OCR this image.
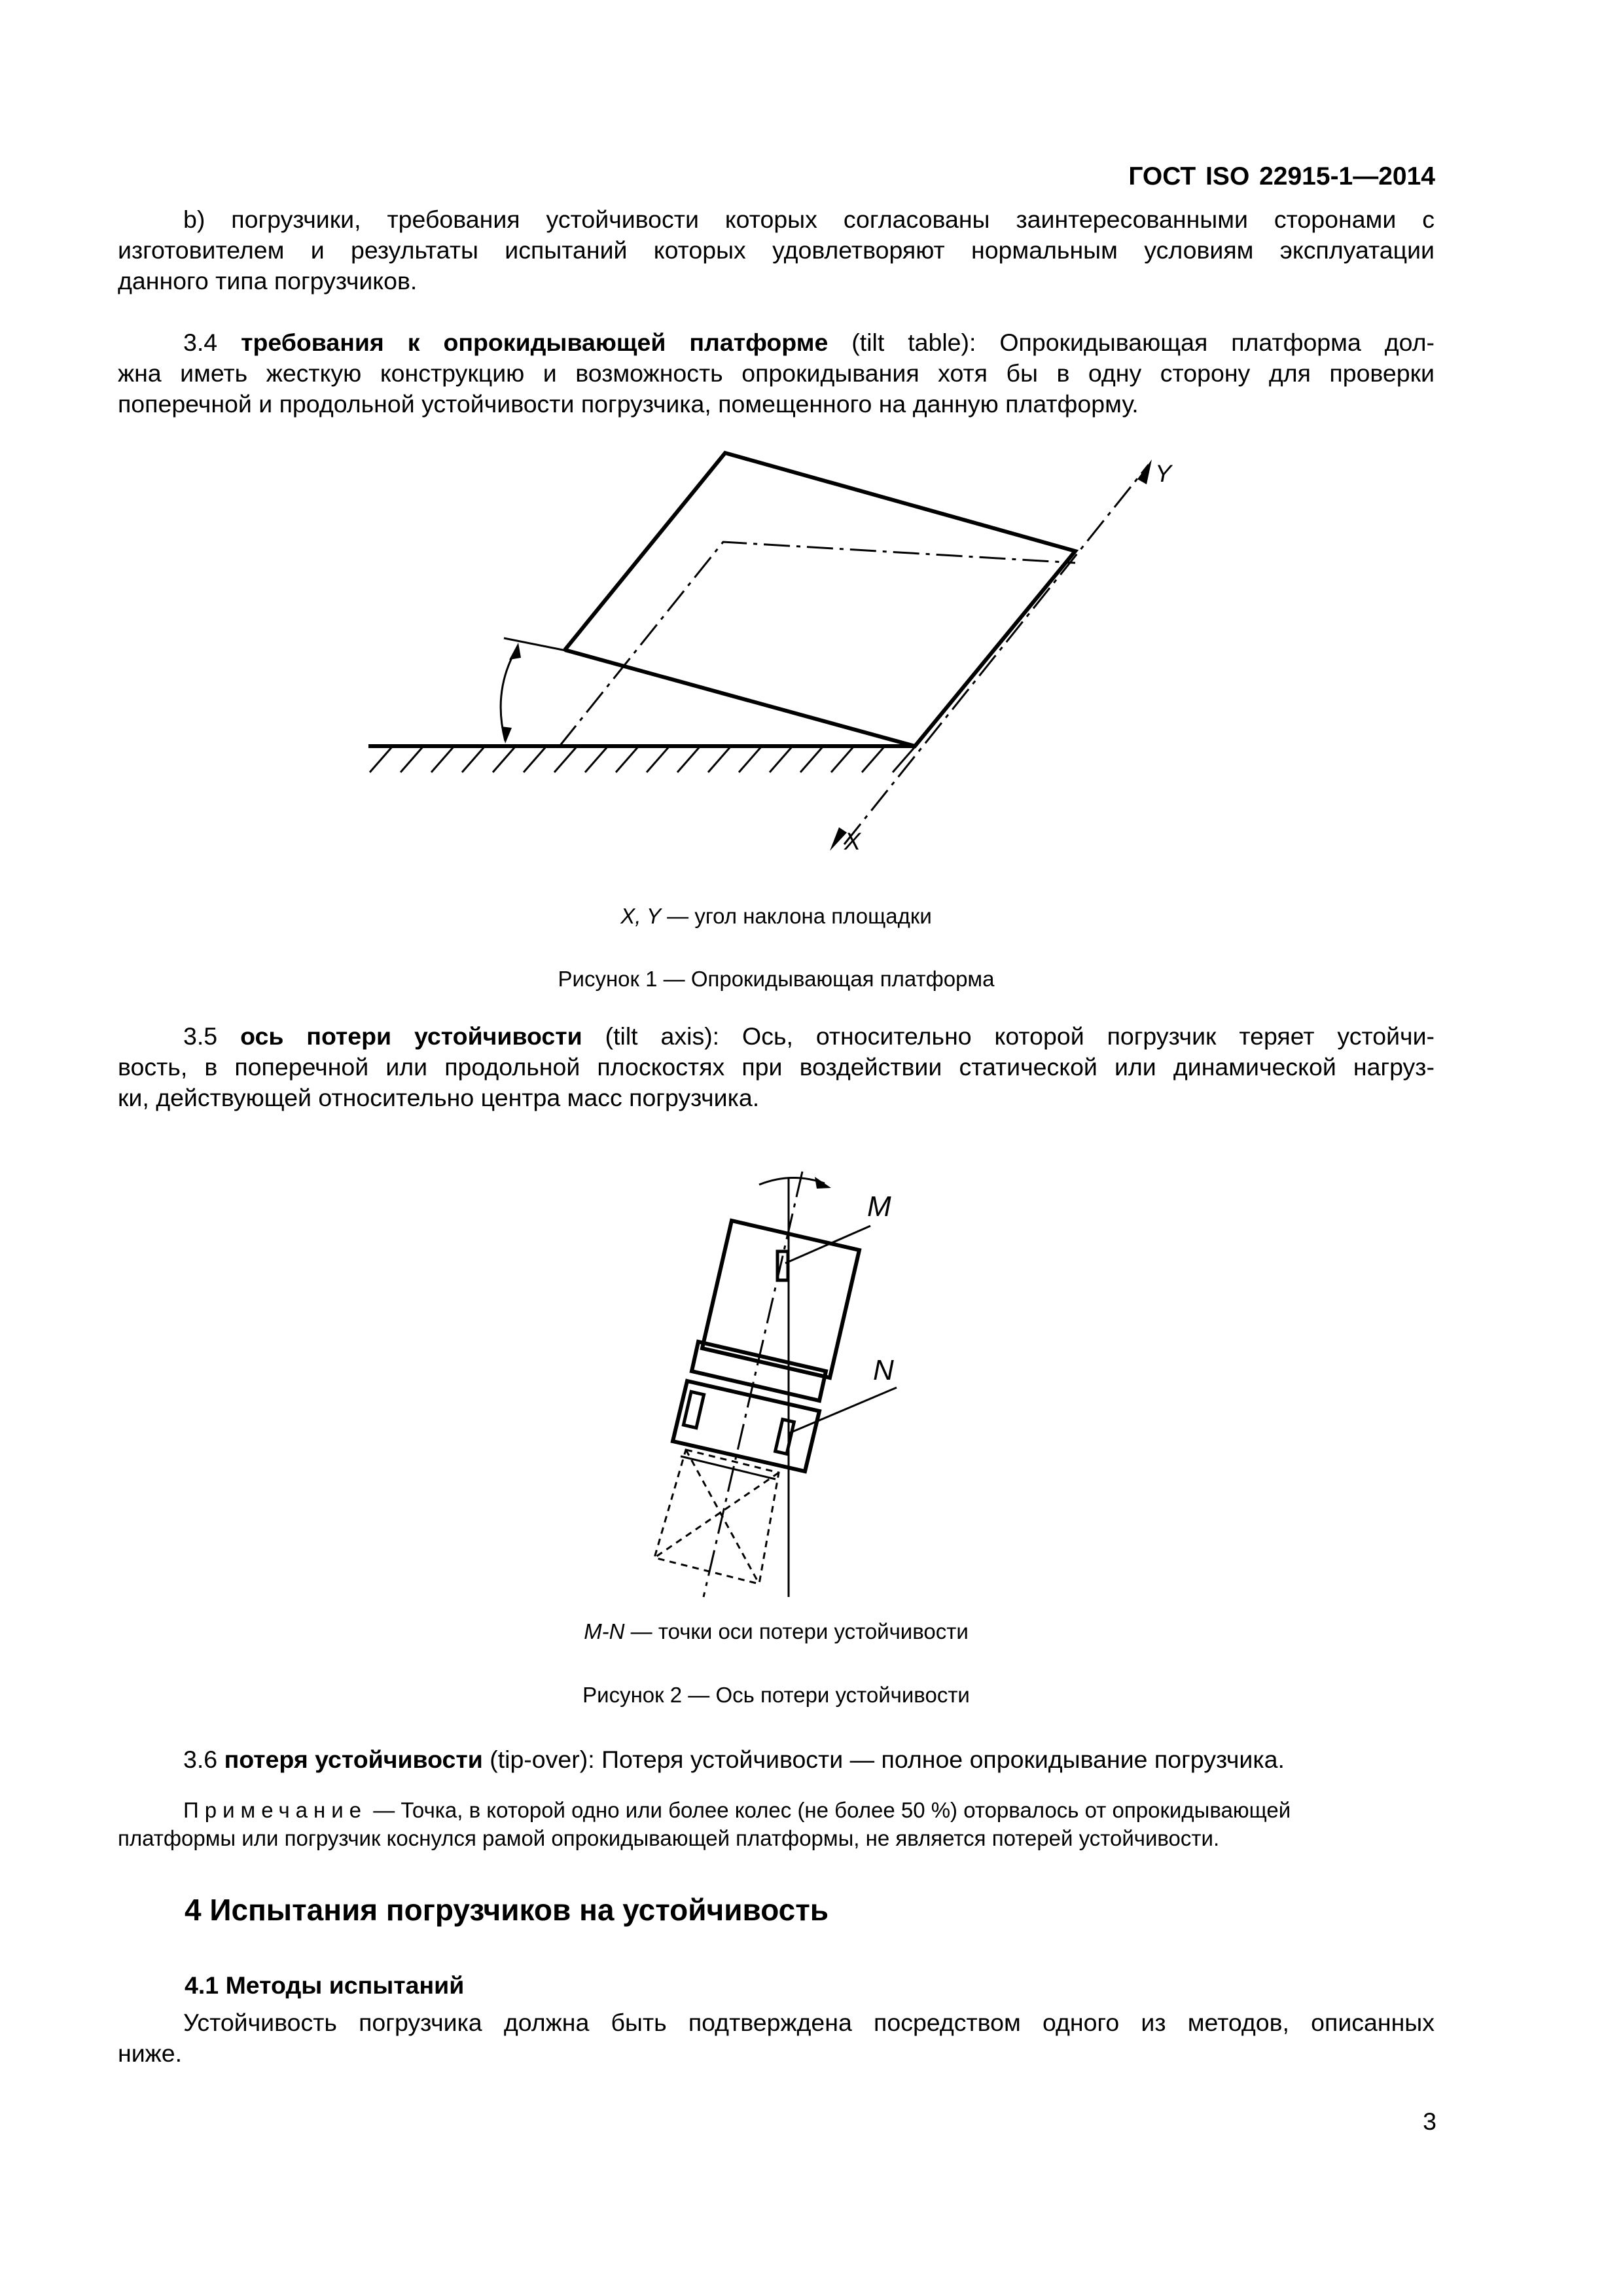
ГОСТ ISO 22915-1—2014
b) погрузчики, требования устойчивости которых согласованы заинтересованными сторонами с
изготовителем и результаты испытаний которых удовлетворяют нормальным условиям эксплуатации
данного типа погрузчиков.
3.4 требования к опрокидывающей платформе (tilt table): Опрокидывающая платформа дол-
жна иметь жесткую конструкцию и возможность опрокидывания хотя бы в одну сторону для проверки
поперечной и продольной устойчивости погрузчика, помещенного на данную платформу.
Y
X
X, Y — угол наклона площадки
Рисунок 1 — Опрокидывающая платформа
3.5 ось потери устойчивости (tilt axis): Ось, относительно которой погрузчик теряет устойчи-
вость, в поперечной или продольной плоскостях при воздействии статической или динамической нагруз-
ки, действующей относительно центра масс погрузчика.
M
N
M-N — точки оси потери устойчивости
Рисунок 2 — Ось потери устойчивости
3.6 потеря устойчивости (tip-over): Потеря устойчивости — полное опрокидывание погрузчика.
Примечание — Точка, в которой одно или более колес (не более 50 %) оторвалось от опрокидывающей
платформы или погрузчик коснулся рамой опрокидывающей платформы, не является потерей устойчивости.
4 Испытания погрузчиков на устойчивость
4.1 Методы испытаний
Устойчивость погрузчика должна быть подтверждена посредством одного из методов, описанных
ниже.
3
